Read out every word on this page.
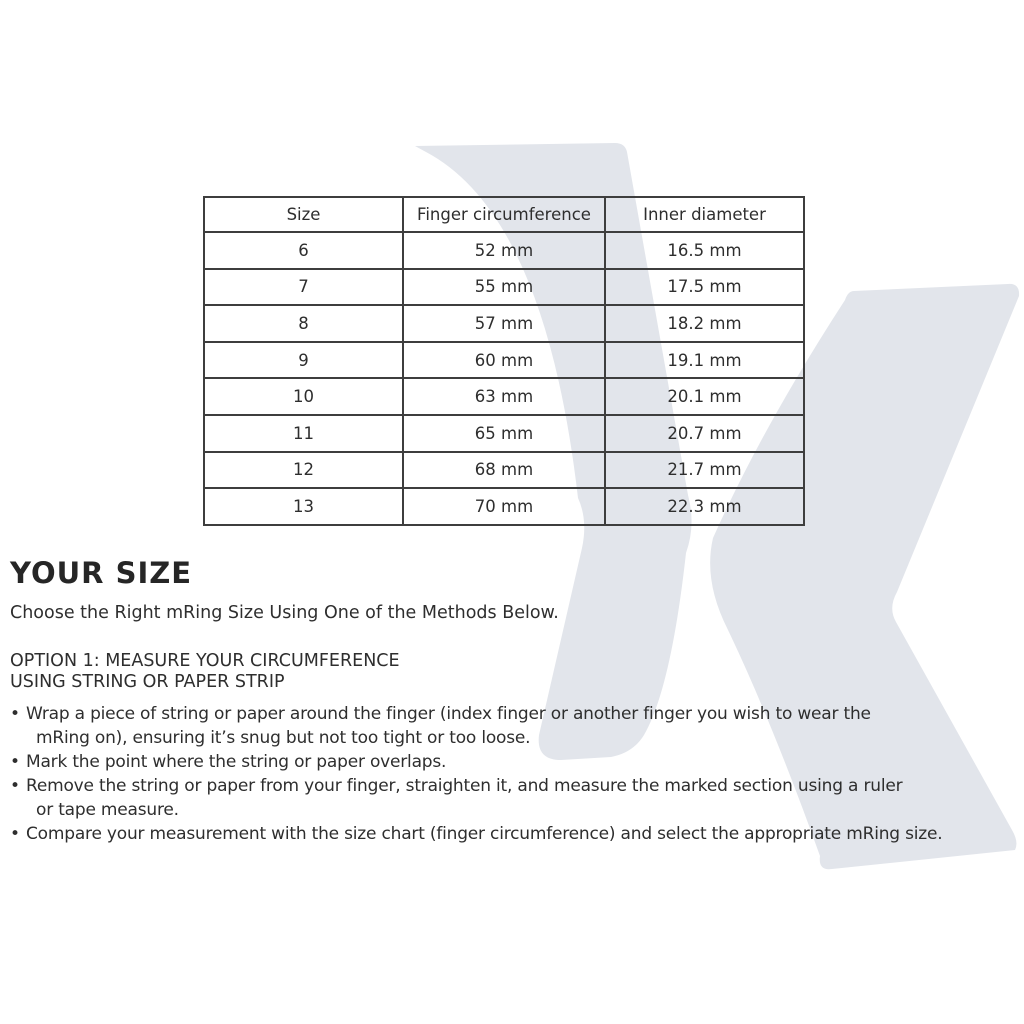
Size	Finger circumference	Inner diameter
6	52 mm	16.5 mm
7	55 mm	17.5 mm
8	57 mm	18.2 mm
9	60 mm	19.1 mm
10	63 mm	20.1 mm
11	65 mm	20.7 mm
12	68 mm	21.7 mm
13	70 mm	22.3 mm
YOUR SIZE
Choose the Right mRing Size Using One of the Methods Below.
OPTION 1: MEASURE YOUR CIRCUMFERENCE
USING STRING OR PAPER STRIP
• Wrap a piece of string or paper around the finger (index finger or another finger you wish to wear the
mRing on), ensuring it’s snug but not too tight or too loose.
• Mark the point where the string or paper overlaps.
• Remove the string or paper from your finger, straighten it, and measure the marked section using a ruler
or tape measure.
• Compare your measurement with the size chart (finger circumference) and select the appropriate mRing size.
